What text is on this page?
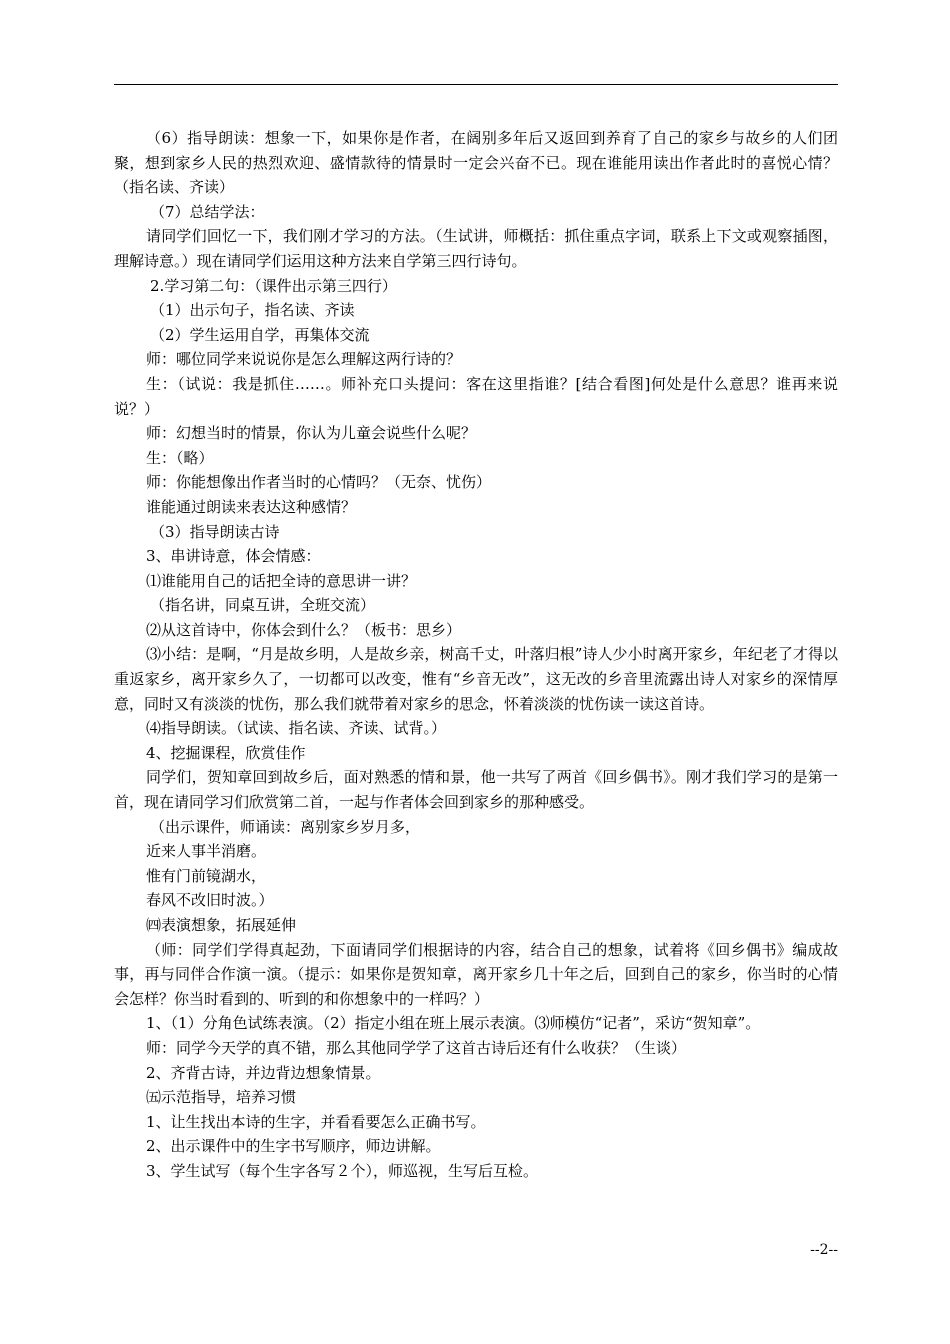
（6）指导朗读：想象一下，如果你是作者，在阔别多年后又返回到养育了自己的家乡与故乡的人们团聚，想到家乡人民的热烈欢迎、盛情款待的情景时一定会兴奋不已。现在谁能用读出作者此时的喜悦心情？（指名读、齐读）
（7）总结学法：
请同学们回忆一下，我们刚才学习的方法。（生试讲，师概括：抓住重点字词，联系上下文或观察插图，理解诗意。）现在请同学们运用这种方法来自学第三四行诗句。
2.学习第二句：（课件出示第三四行）
（1）出示句子，指名读、齐读
（2）学生运用自学，再集体交流
师：哪位同学来说说你是怎么理解这两行诗的？
生：（试说：我是抓住……。师补充口头提问：客在这里指谁？[结合看图]何处是什么意思？谁再来说说？）
师：幻想当时的情景，你认为儿童会说些什么呢？
生：（略）
师：你能想像出作者当时的心情吗？（无奈、忧伤）
谁能通过朗读来表达这种感情？
（3）指导朗读古诗
3、串讲诗意，体会情感：
⑴谁能用自己的话把全诗的意思讲一讲？
（指名讲，同桌互讲，全班交流）
⑵从这首诗中，你体会到什么？（板书：思乡）
⑶小结：是啊，“月是故乡明，人是故乡亲，树高千丈，叶落归根”诗人少小时离开家乡，年纪老了才得以重返家乡，离开家乡久了，一切都可以改变，惟有“乡音无改”，这无改的乡音里流露出诗人对家乡的深情厚意，同时又有淡淡的忧伤，那么我们就带着对家乡的思念，怀着淡淡的忧伤读一读这首诗。
⑷指导朗读。（试读、指名读、齐读、试背。）
4、挖掘课程，欣赏佳作
同学们，贺知章回到故乡后，面对熟悉的情和景，他一共写了两首《回乡偶书》。刚才我们学习的是第一首，现在请同学习们欣赏第二首，一起与作者体会回到家乡的那种感受。
（出示课件，师诵读：离别家乡岁月多，
近来人事半消磨。
惟有门前镜湖水，
春风不改旧时波。）
㈣表演想象，拓展延伸
（师：同学们学得真起劲，下面请同学们根据诗的内容，结合自己的想象，试着将《回乡偶书》编成故事，再与同伴合作演一演。（提示：如果你是贺知章，离开家乡几十年之后，回到自己的家乡，你当时的心情会怎样？你当时看到的、听到的和你想象中的一样吗？）
1、（1）分角色试练表演。（2）指定小组在班上展示表演。⑶师模仿“记者”，采访“贺知章”。
师：同学今天学的真不错，那么其他同学学了这首古诗后还有什么收获？（生谈）
2、齐背古诗，并边背边想象情景。
㈤示范指导，培养习惯
1、让生找出本诗的生字，并看看要怎么正确书写。
2、出示课件中的生字书写顺序，师边讲解。
3、学生试写（每个生字各写２个），师巡视，生写后互检。
--2--
